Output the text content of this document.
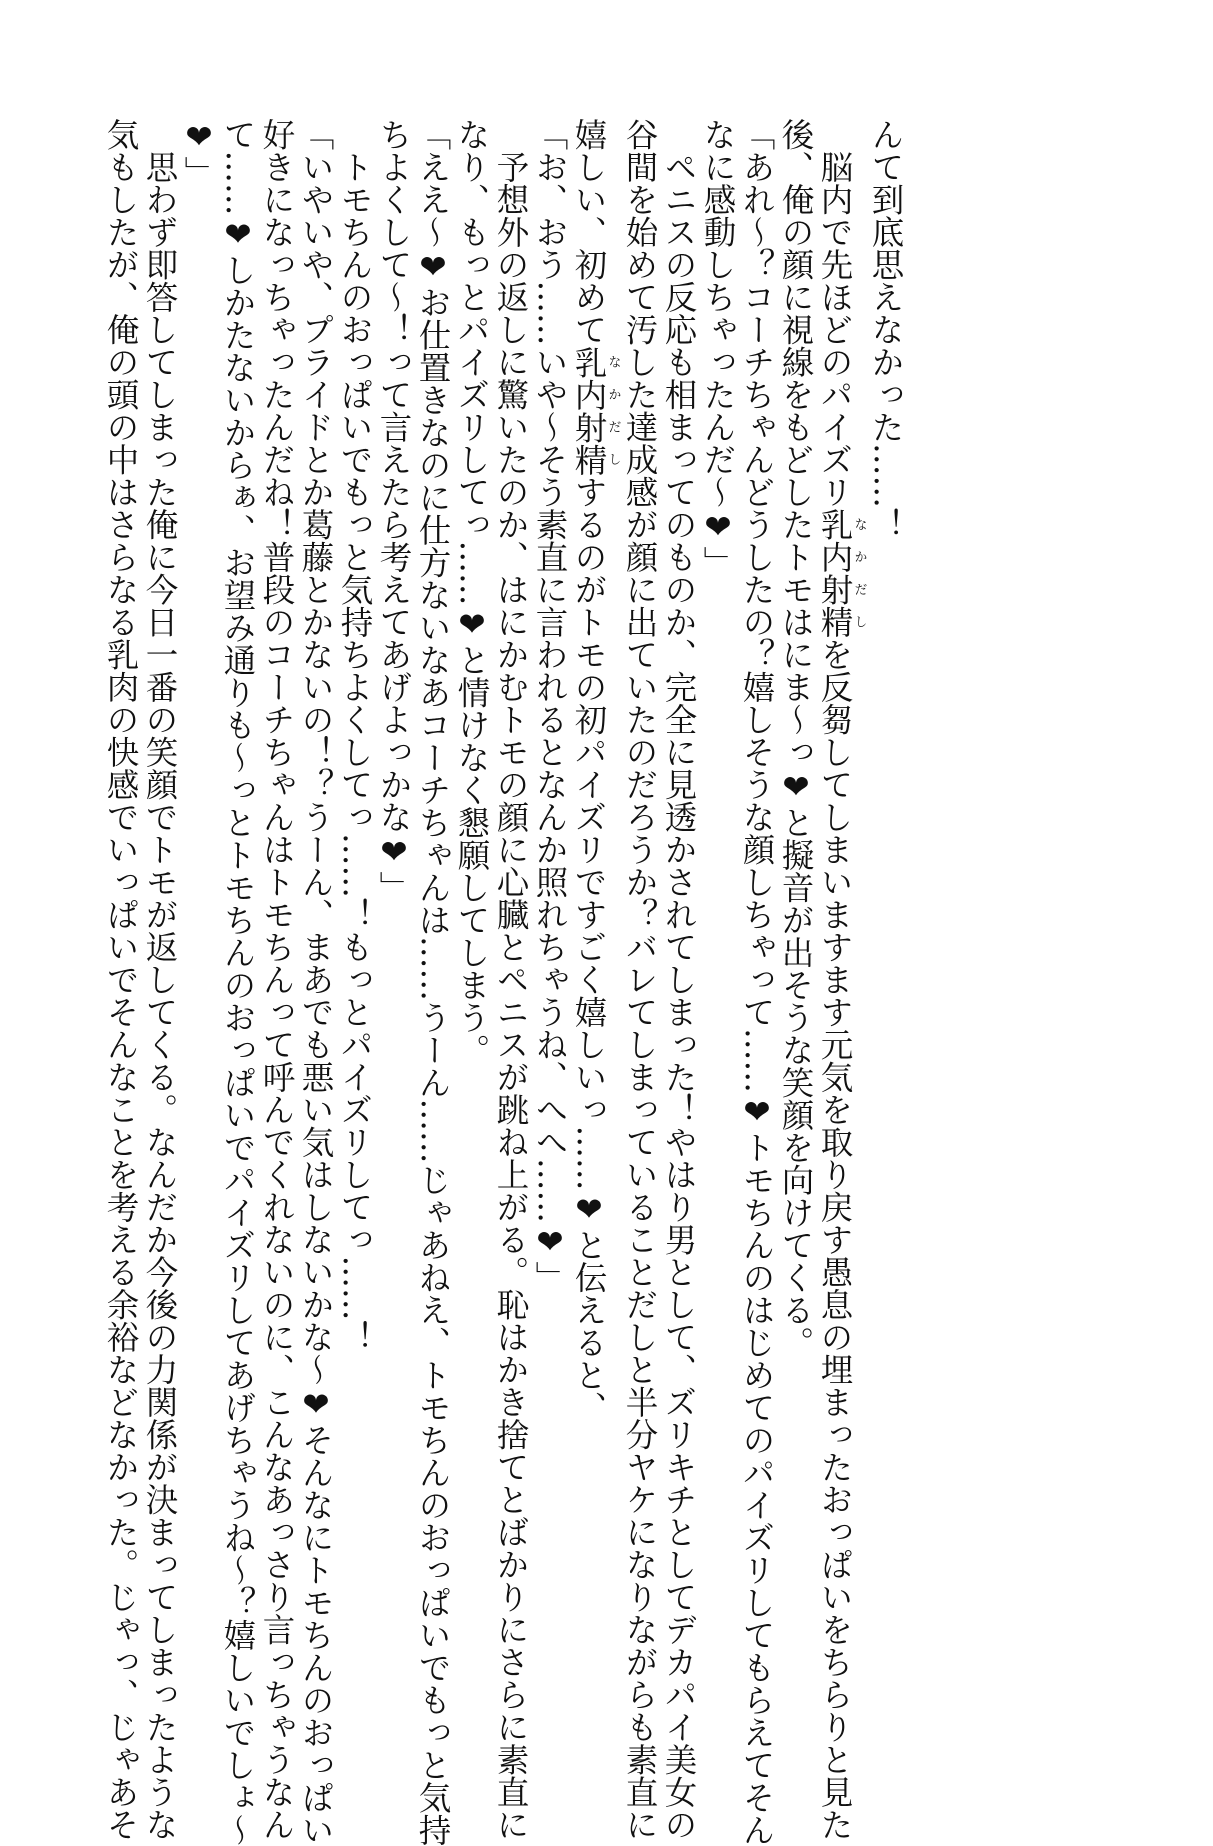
んて到底思えなかった……！
　脳内で先ほどのパイズリ乳内射精なかだしを反芻してしまいますます元気を取り戻す愚息の埋まったおっぱいをちらりと見た
後、俺の顔に視線をもどしたトモはにま～っ❤と擬音が出そうな笑顔を向けてくる。
「あれ～？コーチちゃんどうしたの？嬉しそうな顔しちゃって……❤トモちんのはじめてのパイズリしてもらえてそん
なに感動しちゃったんだ～❤」
　ペニスの反応も相まってのものか、完全に見透かされてしまった！やはり男として、ズリキチとしてデカパイ美女の
谷間を始めて汚した達成感が顔に出ていたのだろうか？バレてしまっていることだしと半分ヤケになりながらも素直に
嬉しい、初めて乳内射精なかだしするのがトモの初パイズリですごく嬉しいっ……❤と伝えると、
「お、おう……いや～そう素直に言われるとなんか照れちゃうね、へへ……❤」
　予想外の返しに驚いたのか、はにかむトモの顔に心臓とペニスが跳ね上がる。恥はかき捨てとばかりにさらに素直に
なり、もっとパイズリしてっ……❤と情けなく懇願してしまう。
「ええ～❤お仕置きなのに仕方ないなあコーチちゃんは……うーん……じゃあねえ、トモちんのおっぱいでもっと気持
ちよくして～！って言えたら考えてあげよっかな❤」
　トモちんのおっぱいでもっと気持ちよくしてっ……！もっとパイズリしてっ……！
「いやいや、プライドとか葛藤とかないの！？うーん、まあでも悪い気はしないかな～❤そんなにトモちんのおっぱい
好きになっちゃったんだね！普段のコーチちゃんはトモちんって呼んでくれないのに、こんなあっさり言っちゃうなん
て……❤しかたないからぁ、お望み通りも～っとトモちんのおっぱいでパイズリしてあげちゃうね～？嬉しいでしょ～
❤」
　思わず即答してしまった俺に今日一番の笑顔でトモが返してくる。なんだか今後の力関係が決まってしまったような
気もしたが、俺の頭の中はさらなる乳肉の快感でいっぱいでそんなことを考える余裕などなかった。じゃっ、じゃあそ
